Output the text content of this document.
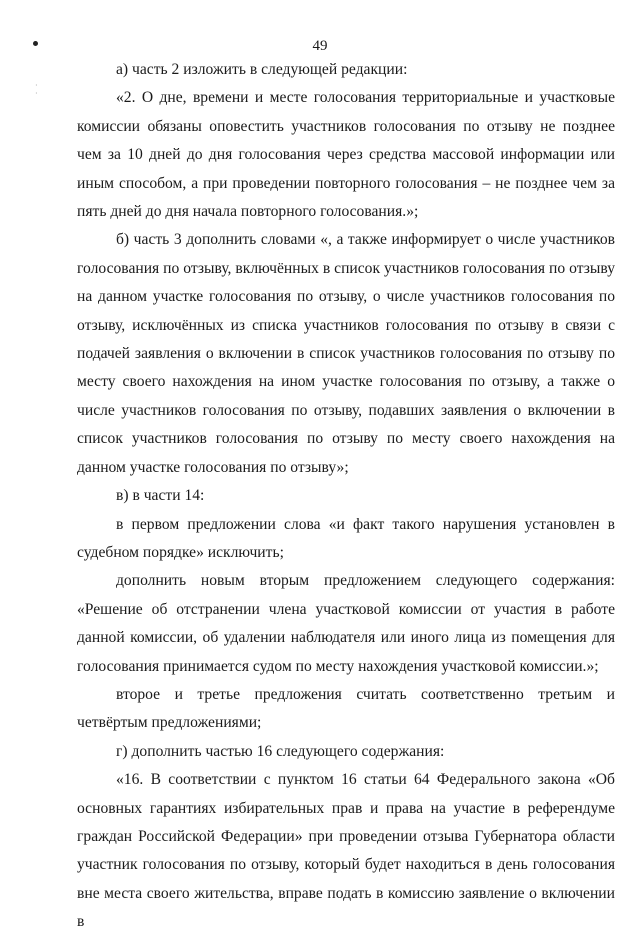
·
·
49

а) часть 2 изложить в следующей редакции:

«2. О дне, времени и месте голосования территориальные и участковые комиссии обязаны оповестить участников голосования по отзыву не позднее чем за 10 дней до дня голосования через средства массовой информации или иным способом, а при проведении повторного голосования – не позднее чем за пять дней до дня начала повторного голосования.»;

б) часть 3 дополнить словами «, а также информирует о числе участников голосования по отзыву, включённых в список участников голосования по отзыву на данном участке голосования по отзыву, о числе участников голосования по отзыву, исключённых из списка участников голосования по отзыву в связи с подачей заявления о включении в список участников голосования по отзыву по месту своего нахождения на ином участке голосования по отзыву, а также о числе участников голосования по отзыву, подавших заявления о включении в список участников голосования по отзыву по месту своего нахождения на данном участке голосования по отзыву»;

в) в части 14:

в первом предложении слова «и факт такого нарушения установлен в судебном порядке» исключить;

дополнить новым вторым предложением следующего содержания: «Решение об отстранении члена участковой комиссии от участия в работе данной комиссии, об удалении наблюдателя или иного лица из помещения для голосования принимается судом по месту нахождения участковой комиссии.»;

второе и третье предложения считать соответственно третьим и четвёртым предложениями;

г) дополнить частью 16 следующего содержания:

«16. В соответствии с пунктом 16 статьи 64 Федерального закона «Об основных гарантиях избирательных прав и права на участие в референдуме граждан Российской Федерации» при проведении отзыва Губернатора области участник голосования по отзыву, который будет находиться в день голосования вне места своего жительства, вправе подать в комиссию заявление о включении в
